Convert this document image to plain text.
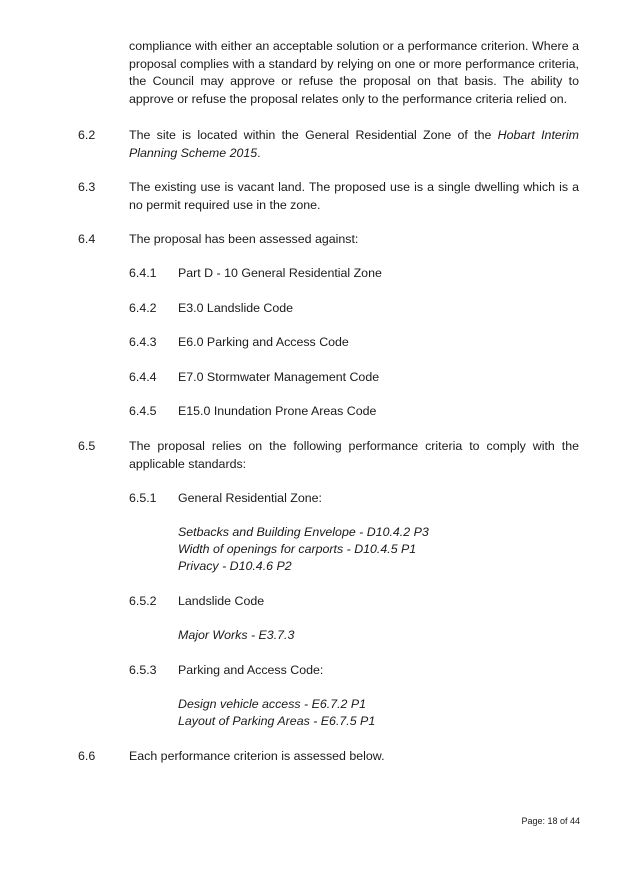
compliance with either an acceptable solution or a performance criterion. Where a proposal complies with a standard by relying on one or more performance criteria, the Council may approve or refuse the proposal on that basis. The ability to approve or refuse the proposal relates only to the performance criteria relied on.
6.2	The site is located within the General Residential Zone of the Hobart Interim Planning Scheme 2015.
6.3	The existing use is vacant land. The proposed use is a single dwelling which is a no permit required use in the zone.
6.4	The proposal has been assessed against:
6.4.1 Part D - 10 General Residential Zone
6.4.2 E3.0 Landslide Code
6.4.3 E6.0 Parking and Access Code
6.4.4 E7.0 Stormwater Management Code
6.4.5 E15.0 Inundation Prone Areas Code
6.5	The proposal relies on the following performance criteria to comply with the applicable standards:
6.5.1 General Residential Zone:
Setbacks and Building Envelope - D10.4.2 P3
Width of openings for carports - D10.4.5 P1
Privacy - D10.4.6 P2
6.5.2 Landslide Code
Major Works - E3.7.3
6.5.3 Parking and Access Code:
Design vehicle access - E6.7.2 P1
Layout of Parking Areas - E6.7.5 P1
6.6	Each performance criterion is assessed below.
Page: 18 of 44
